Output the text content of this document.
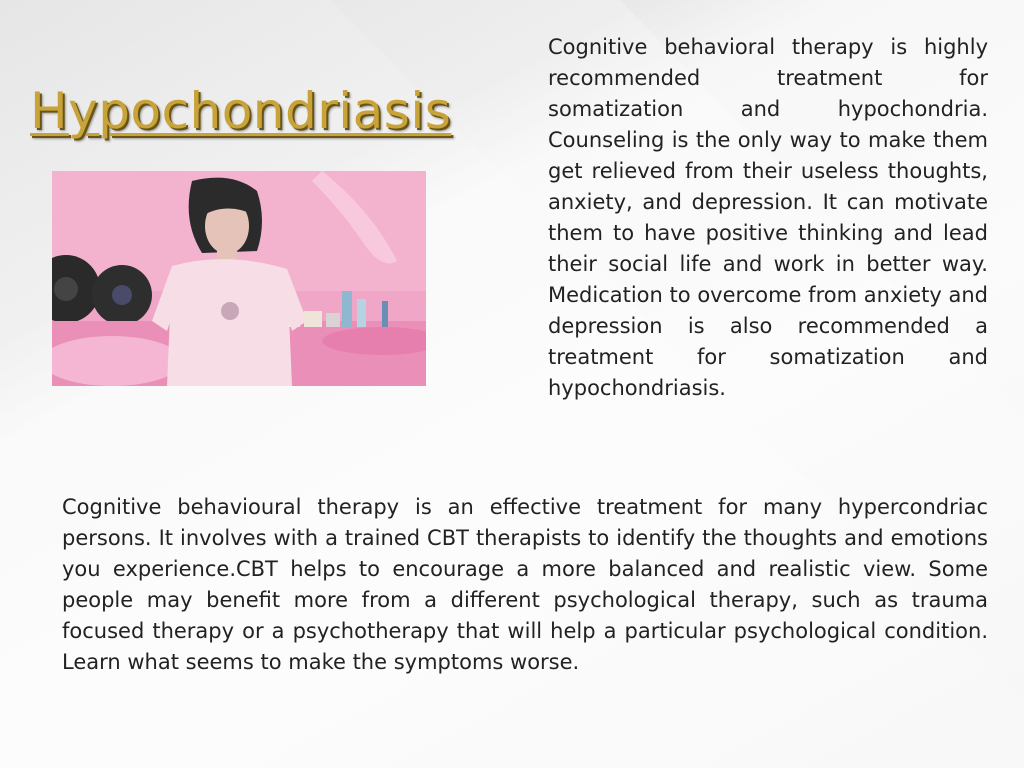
Hypochondriasis

Cognitive behavioral therapy is highly recommended treatment for somatization and hypochondria. Counseling is the only way to make them get relieved from their useless thoughts, anxiety, and depression. It can motivate them to have positive thinking and lead their social life and work in better way. Medication to overcome from anxiety and depression is also recommended a treatment for somatization and hypochondriasis.

Cognitive behavioural therapy is an effective treatment for many hypercondriac persons. It involves with a trained CBT therapists to identify the thoughts and emotions you experience.CBT helps to encourage a more balanced and realistic view. Some people may benefit more from a different psychological therapy, such as trauma focused therapy or a psychotherapy that will help a particular psychological condition. Learn what seems to make the symptoms worse.
